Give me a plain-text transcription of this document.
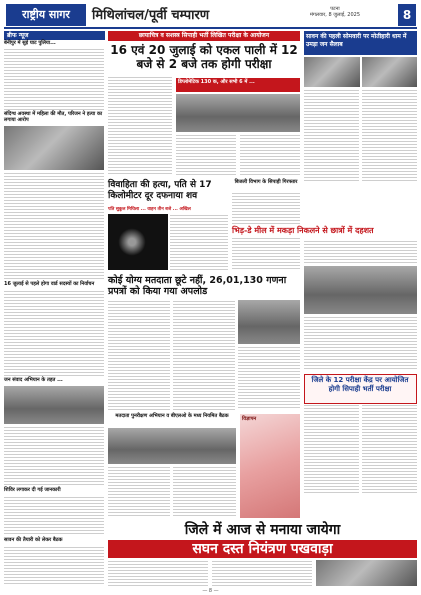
राष्ट्रीय सागर	मिथिलांचल/पूर्वी चम्पारण	पटना
मंगलवार, 8 जुलाई, 2025	8
ब्रीफ न्यूज
बेनीपुर में सुई घाट पुलिया...
संदिग्ध अवस्था में महिला की मौत, परिजन ने हत्या का लगाया आरोप
16 जुलाई से पहले होगा वार्ड सदस्यों का निर्वाचन
जन संवाद अभियान के तहत ...
शिविर लगाकर दी गई जानकारी
सावन की तैयारी को लेकर बैठक
छायाचित्र व सशस्त्र सिपाही भर्ती लिखित परीक्षा के आयोजन
16 एवं 20 जुलाई को एकल पाली में 12 बजे से 2 बजे तक होगी परीक्षा
डिप्लोमेटिक 130 क, और सभी 6 में ...
सावन की पहली सोमवारी पर मोतीहारी धाम में उमड़ा जन सैलाब
विवाहिता की हत्या, पति से 17 किलोमीटर दूर दफनाया शव
पति सुकुल मिथिला ... वाहन तीन बजे ... अखिल
बिजली विभाग के सिपाही गिरफ्तार
भिड़-डे मील में मकड़ा निकलने से छात्रों में दहशत
कोई योग्य मतदाता छूटे नहीं, 26,01,130 गणना प्रपत्रों को किया गया अपलोड
जिले के 12 परीक्षा केंद्र पर आयोजित होगी सिपाही भर्ती परीक्षा
मतदाता पुनरीक्षण अभियान व बीएलओ के मध्य नियमित बैठक	विज्ञापन
जिले में आज से मनाया जायेगा
सघन दस्त नियंत्रण पखवाड़ा
— 8 —
